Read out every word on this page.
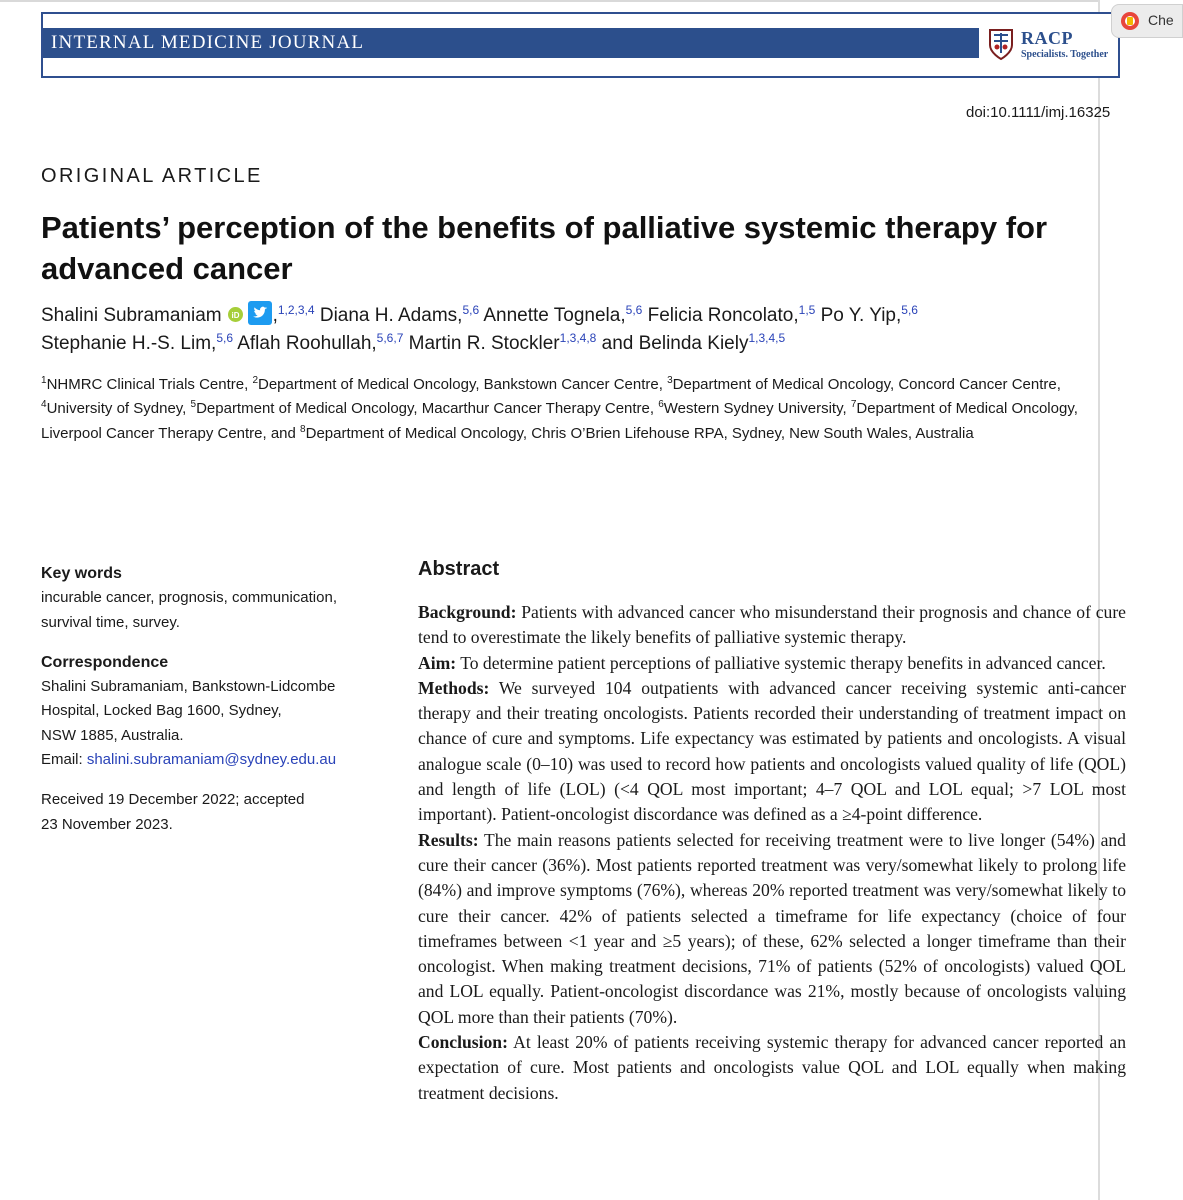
INTERNAL MEDICINE JOURNAL	RACP
Specialists. Together
Che
doi:10.1111/imj.16325
ORIGINAL ARTICLE
Patients’ perception of the benefits of palliative systemic therapy for advanced cancer
Shalini Subramaniam iD ,$^{1,2,3,4}$ Diana H. Adams,$^{5,6}$ Annette Tognela,$^{5,6}$ Felicia Roncolato,$^{1,5}$ Po Y. Yip,$^{5,6}$
Stephanie H.-S. Lim,$^{5,6}$ Aflah Roohullah,$^{5,6,7}$ Martin R. Stockler$^{1,3,4,8}$ and Belinda Kiely$^{1,3,4,5}$
$^1$NHMRC Clinical Trials Centre, $^2$Department of Medical Oncology, Bankstown Cancer Centre, $^3$Department of Medical Oncology, Concord Cancer Centre, $^4$University of Sydney, $^5$Department of Medical Oncology, Macarthur Cancer Therapy Centre, $^6$Western Sydney University, $^7$Department of Medical Oncology, Liverpool Cancer Therapy Centre, and $^8$Department of Medical Oncology, Chris O’Brien Lifehouse RPA, Sydney, New South Wales, Australia
Key words
incurable cancer, prognosis, communication, survival time, survey.
Correspondence
Shalini Subramaniam, Bankstown-Lidcombe
Hospital, Locked Bag 1600, Sydney,
NSW 1885, Australia.
Email: shalini.subramaniam@sydney.edu.au
Received 19 December 2022; accepted
23 November 2023.
Abstract

Background: Patients with advanced cancer who misunderstand their prognosis and chance of cure tend to overestimate the likely benefits of palliative systemic therapy.

Aim: To determine patient perceptions of palliative systemic therapy benefits in advanced cancer.

Methods: We surveyed 104 outpatients with advanced cancer receiving systemic anti-cancer therapy and their treating oncologists. Patients recorded their understanding of treatment impact on chance of cure and symptoms. Life expectancy was estimated by patients and oncologists. A visual analogue scale (0–10) was used to record how patients and oncologists valued quality of life (QOL) and length of life (LOL) (<4 QOL most important; 4–7 QOL and LOL equal; >7 LOL most important). Patient-oncologist discordance was defined as a ≥4-point difference.

Results: The main reasons patients selected for receiving treatment were to live longer (54%) and cure their cancer (36%). Most patients reported treatment was very/somewhat likely to prolong life (84%) and improve symptoms (76%), whereas 20% reported treatment was very/somewhat likely to cure their cancer. 42% of patients selected a timeframe for life expectancy (choice of four timeframes between <1 year and ≥5 years); of these, 62% selected a longer timeframe than their oncologist. When making treatment decisions, 71% of patients (52% of oncologists) valued QOL and LOL equally. Patient-oncologist discordance was 21%, mostly because of oncologists valuing QOL more than their patients (70%).

Conclusion: At least 20% of patients receiving systemic therapy for advanced cancer reported an expectation of cure. Most patients and oncologists value QOL and LOL equally when making treatment decisions.
